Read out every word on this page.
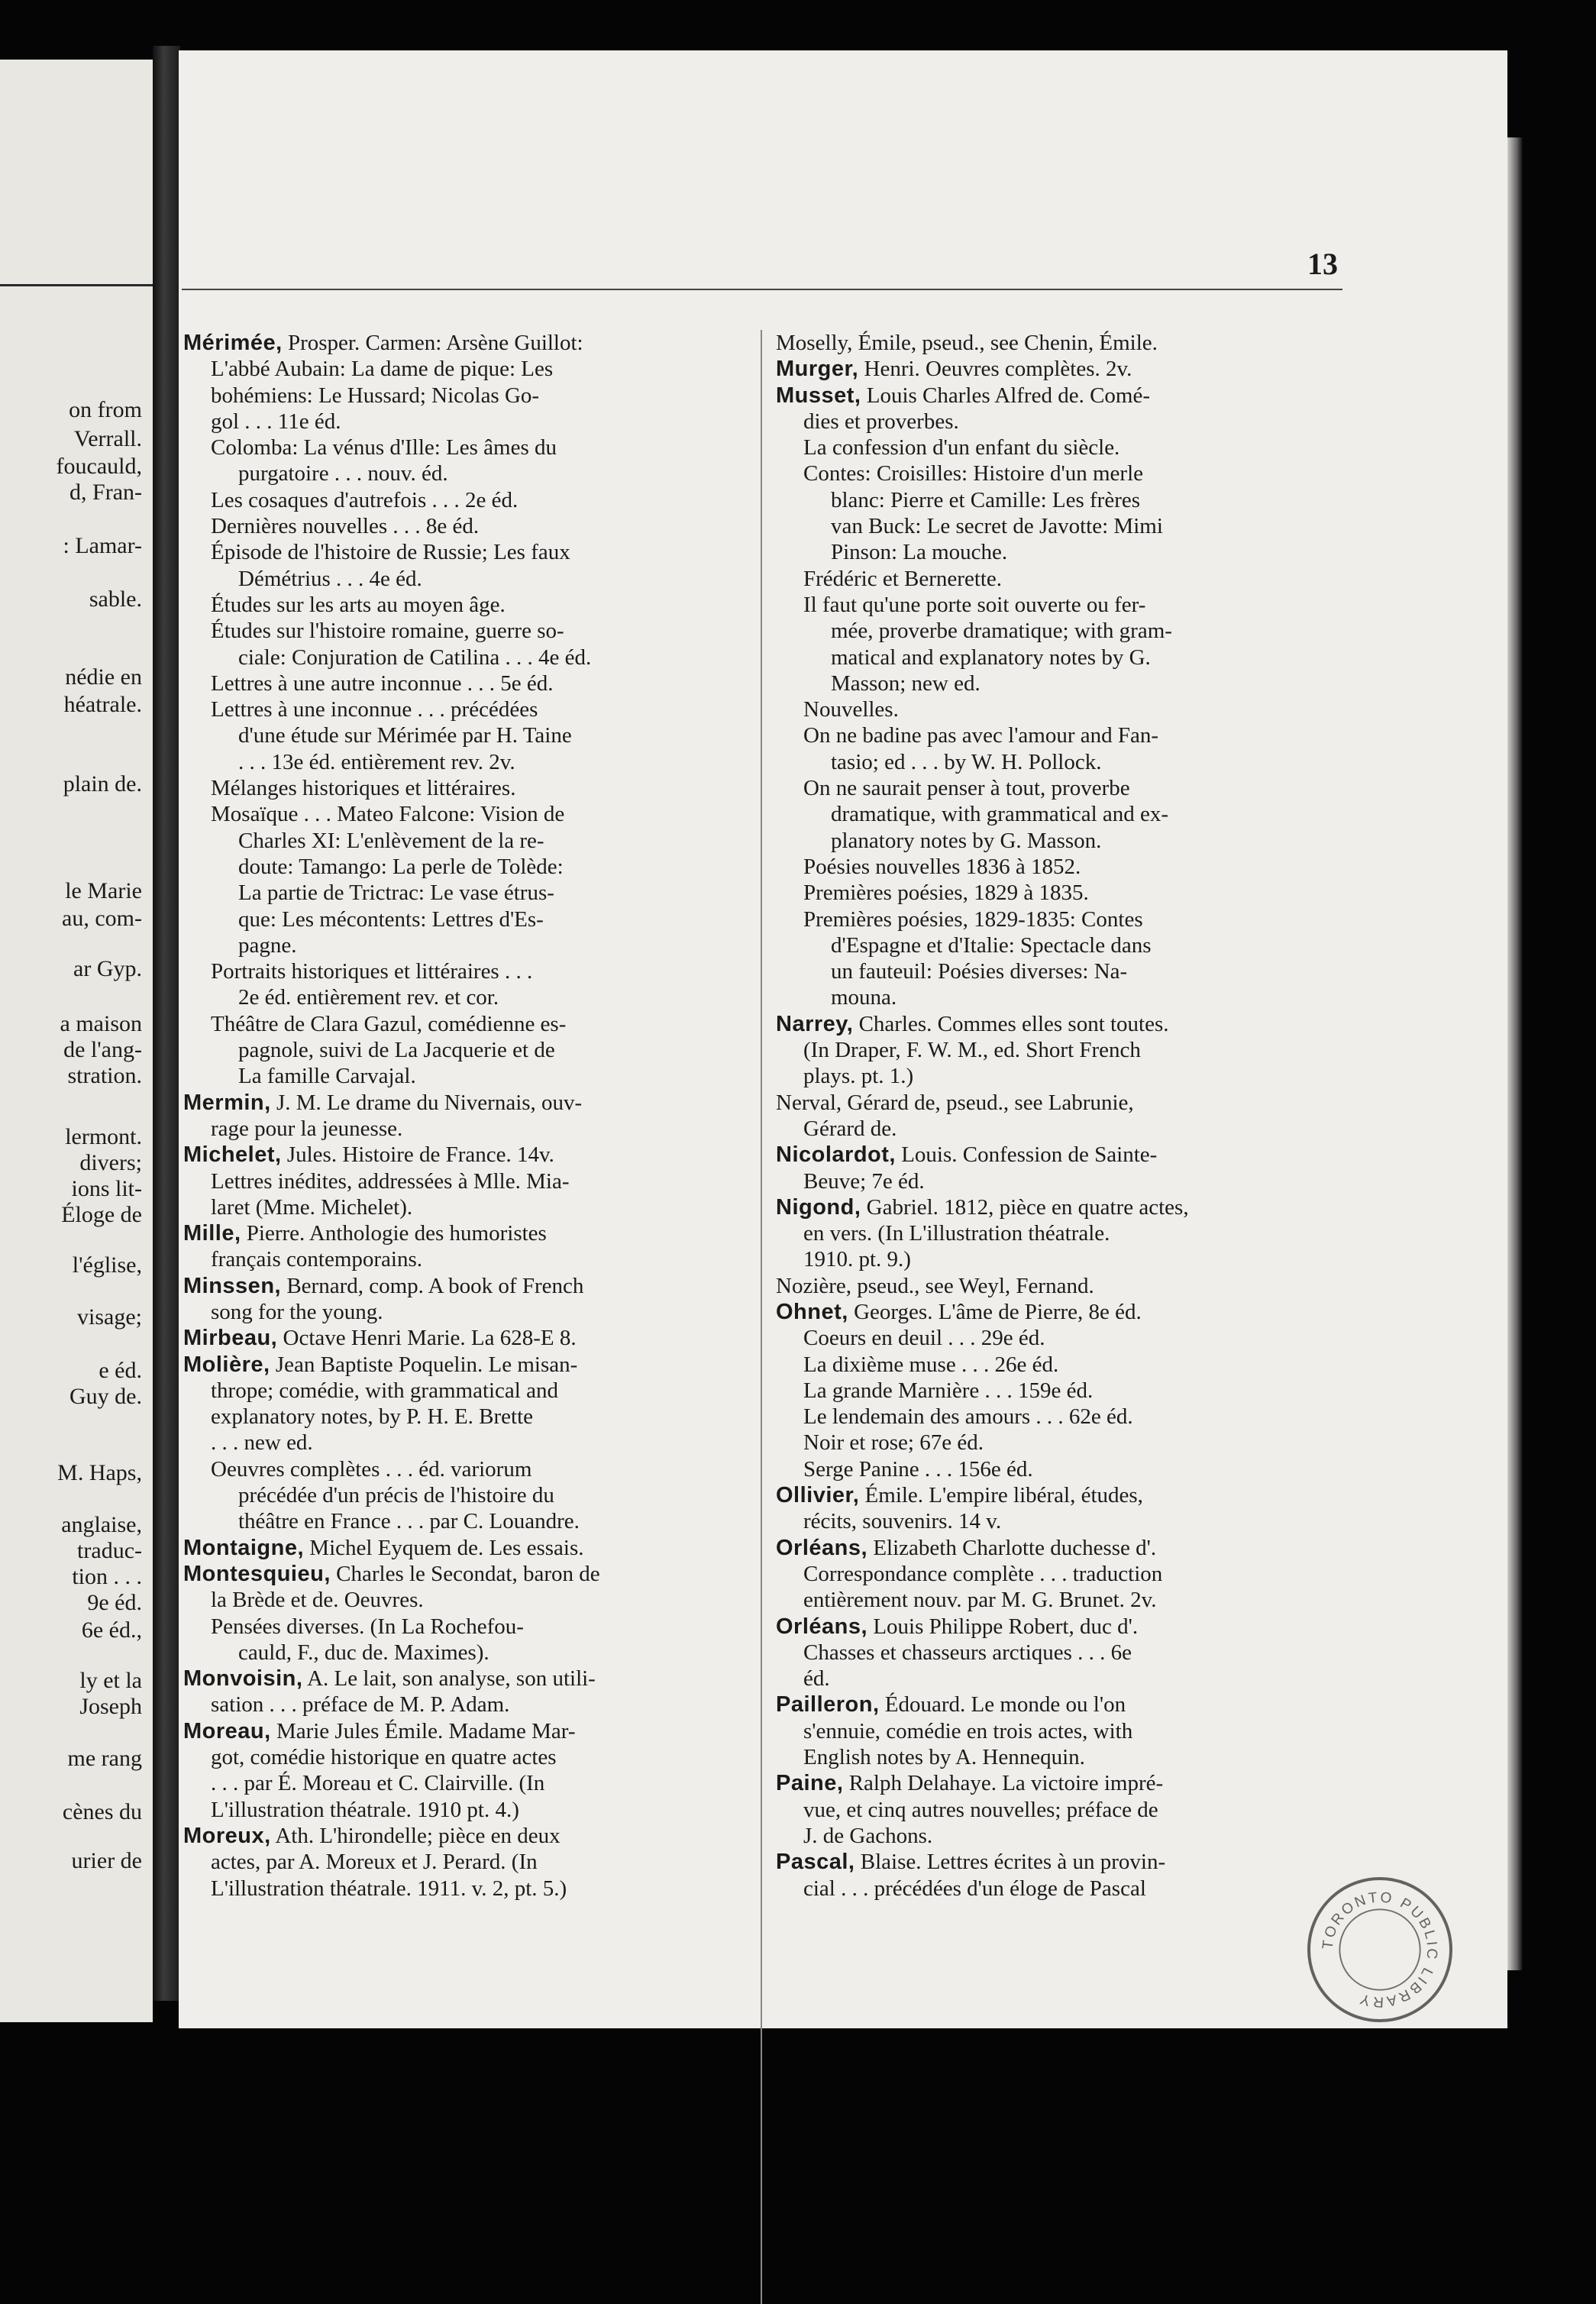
on from
Verrall.
foucauld,
d, Fran-
: Lamar-
sable.
nédie en
héatrale.
plain de.
le Marie
au, com-
ar Gyp.
a maison
de l'ang-
stration.
lermont.
divers;
ions lit-
Éloge de
l'église,
visage;
e éd.
Guy de.
M. Haps,
anglaise,
traduc-
tion . . .
9e éd.
6e éd.,
ly et la
Joseph
me rang
cènes du
urier de
13
Mérimée, Prosper. Carmen: Arsène Guillot:
L'abbé Aubain: La dame de pique: Les
bohémiens: Le Hussard; Nicolas Go-
gol . . . 11e éd.
Colomba: La vénus d'Ille: Les âmes du
purgatoire . . . nouv. éd.
Les cosaques d'autrefois . . . 2e éd.
Dernières nouvelles . . . 8e éd.
Épisode de l'histoire de Russie; Les faux
Démétrius . . . 4e éd.
Études sur les arts au moyen âge.
Études sur l'histoire romaine, guerre so-
ciale: Conjuration de Catilina . . . 4e éd.
Lettres à une autre inconnue . . . 5e éd.
Lettres à une inconnue . . . précédées
d'une étude sur Mérimée par H. Taine
. . . 13e éd. entièrement rev. 2v.
Mélanges historiques et littéraires.
Mosaïque . . . Mateo Falcone: Vision de
Charles XI: L'enlèvement de la re-
doute: Tamango: La perle de Tolède:
La partie de Trictrac: Le vase étrus-
que: Les mécontents: Lettres d'Es-
pagne.
Portraits historiques et littéraires . . .
2e éd. entièrement rev. et cor.
Théâtre de Clara Gazul, comédienne es-
pagnole, suivi de La Jacquerie et de
La famille Carvajal.
Mermin, J. M. Le drame du Nivernais, ouv-
rage pour la jeunesse.
Michelet, Jules. Histoire de France. 14v.
Lettres inédites, addressées à Mlle. Mia-
laret (Mme. Michelet).
Mille, Pierre. Anthologie des humoristes
français contemporains.
Minssen, Bernard, comp. A book of French
song for the young.
Mirbeau, Octave Henri Marie. La 628-E 8.
Molière, Jean Baptiste Poquelin. Le misan-
thrope; comédie, with grammatical and
explanatory notes, by P. H. E. Brette
. . . new ed.
Oeuvres complètes . . . éd. variorum
précédée d'un précis de l'histoire du
théâtre en France . . . par C. Louandre.
Montaigne, Michel Eyquem de. Les essais.
Montesquieu, Charles le Secondat, baron de
la Brède et de. Oeuvres.
Pensées diverses. (In La Rochefou-
cauld, F., duc de. Maximes).
Monvoisin, A. Le lait, son analyse, son utili-
sation . . . préface de M. P. Adam.
Moreau, Marie Jules Émile. Madame Mar-
got, comédie historique en quatre actes
. . . par É. Moreau et C. Clairville. (In
L'illustration théatrale. 1910 pt. 4.)
Moreux, Ath. L'hirondelle; pièce en deux
actes, par A. Moreux et J. Perard. (In
L'illustration théatrale. 1911. v. 2, pt. 5.)
Moselly, Émile, pseud., see Chenin, Émile.
Murger, Henri. Oeuvres complètes. 2v.
Musset, Louis Charles Alfred de. Comé-
dies et proverbes.
La confession d'un enfant du siècle.
Contes: Croisilles: Histoire d'un merle
blanc: Pierre et Camille: Les frères
van Buck: Le secret de Javotte: Mimi
Pinson: La mouche.
Frédéric et Bernerette.
Il faut qu'une porte soit ouverte ou fer-
mée, proverbe dramatique; with gram-
matical and explanatory notes by G.
Masson; new ed.
Nouvelles.
On ne badine pas avec l'amour and Fan-
tasio; ed . . . by W. H. Pollock.
On ne saurait penser à tout, proverbe
dramatique, with grammatical and ex-
planatory notes by G. Masson.
Poésies nouvelles 1836 à 1852.
Premières poésies, 1829 à 1835.
Premières poésies, 1829-1835: Contes
d'Espagne et d'Italie: Spectacle dans
un fauteuil: Poésies diverses: Na-
mouna.
Narrey, Charles. Commes elles sont toutes.
(In Draper, F. W. M., ed. Short French
plays. pt. 1.)
Nerval, Gérard de, pseud., see Labrunie,
Gérard de.
Nicolardot, Louis. Confession de Sainte-
Beuve; 7e éd.
Nigond, Gabriel. 1812, pièce en quatre actes,
en vers. (In L'illustration théatrale.
1910. pt. 9.)
Nozière, pseud., see Weyl, Fernand.
Ohnet, Georges. L'âme de Pierre, 8e éd.
Coeurs en deuil . . . 29e éd.
La dixième muse . . . 26e éd.
La grande Marnière . . . 159e éd.
Le lendemain des amours . . . 62e éd.
Noir et rose; 67e éd.
Serge Panine . . . 156e éd.
Ollivier, Émile. L'empire libéral, études,
récits, souvenirs. 14 v.
Orléans, Elizabeth Charlotte duchesse d'.
Correspondance complète . . . traduction
entièrement nouv. par M. G. Brunet. 2v.
Orléans, Louis Philippe Robert, duc d'.
Chasses et chasseurs arctiques . . . 6e
éd.
Pailleron, Édouard. Le monde ou l'on
s'ennuie, comédie en trois actes, with
English notes by A. Hennequin.
Paine, Ralph Delahaye. La victoire impré-
vue, et cinq autres nouvelles; préface de
J. de Gachons.
Pascal, Blaise. Lettres écrites à un provin-
cial . . . précédées d'un éloge de Pascal
TORONTO PUBLIC LIBRARY
